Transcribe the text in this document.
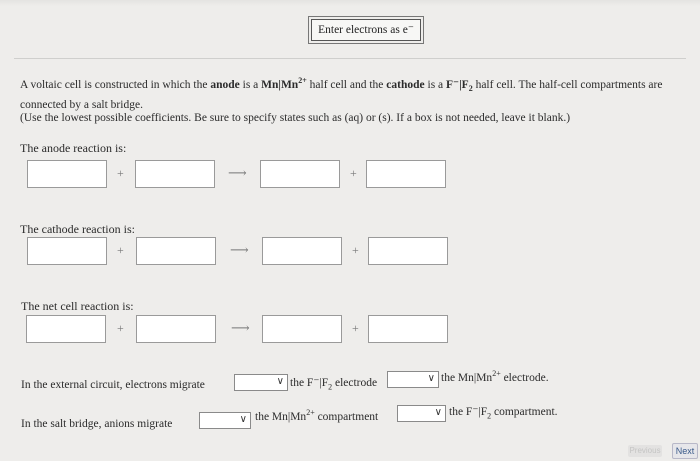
Enter electrons as e⁻
A voltaic cell is constructed in which the anode is a $Mn|Mn^{2+}$ half cell and the cathode is a $F^-|F_2$ half cell. The half-cell compartments are connected by a salt bridge.
(Use the lowest possible coefficients. Be sure to specify states such as (aq) or (s). If a box is not needed, leave it blank.)
The anode reaction is:
+	⟶	+
The cathode reaction is:
+	⟶	+
The net cell reaction is:
+	⟶	+
In the external circuit, electrons migrate	∨ the $F^-|F_2$ electrode	∨ the $Mn|Mn^{2+}$ electrode.
In the salt bridge, anions migrate	∨ the $Mn|Mn^{2+}$ compartment	∨ the $F^-|F_2$ compartment.
Previous	Next
